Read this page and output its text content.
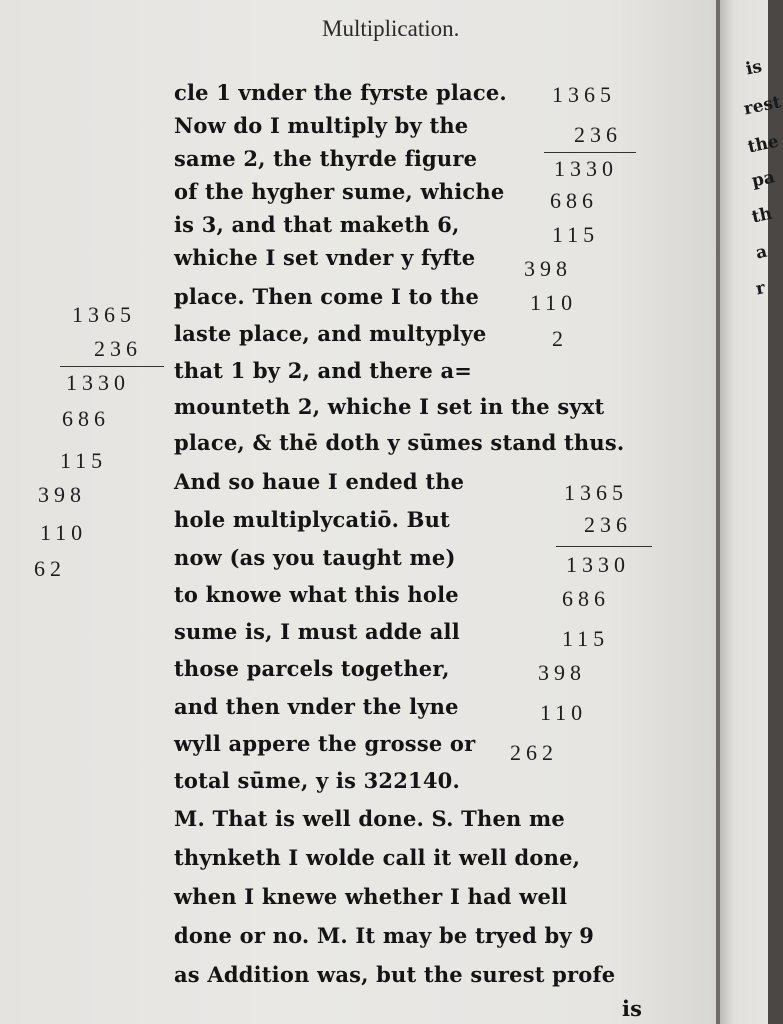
Multiplication.
cle 1 vnder the fyrste place.
Now do I multiply by the
same 2, the thyrde figure
of the hygher sume, whiche
is 3, and that maketh 6,
whiche I set vnder y fyfte
place. Then come I to the
laste place, and multyplye
that 1 by 2, and there a=
mounteth 2, whiche I set in the syxt
place, & thē doth y sūmes stand thus.
And so haue I ended the
hole multiplycatiō. But
now (as you taught me)
to knowe what this hole
sume is, I must adde all
those parcels together,
and then vnder the lyne
wyll appere the grosse or
total sūme, y is 322140.
M. That is well done. S. Then me
thynketh I wolde call it well done,
when I knewe whether I had well
done or no. M. It may be tryed by 9
as Addition was, but the surest profe
is
1365
236
1330
686
115
398
110
2
1365
236
1330
686
115
398
110
62
1365
236
1330
686
115
398
110
262
is
rest
the
pa
th
a
r
